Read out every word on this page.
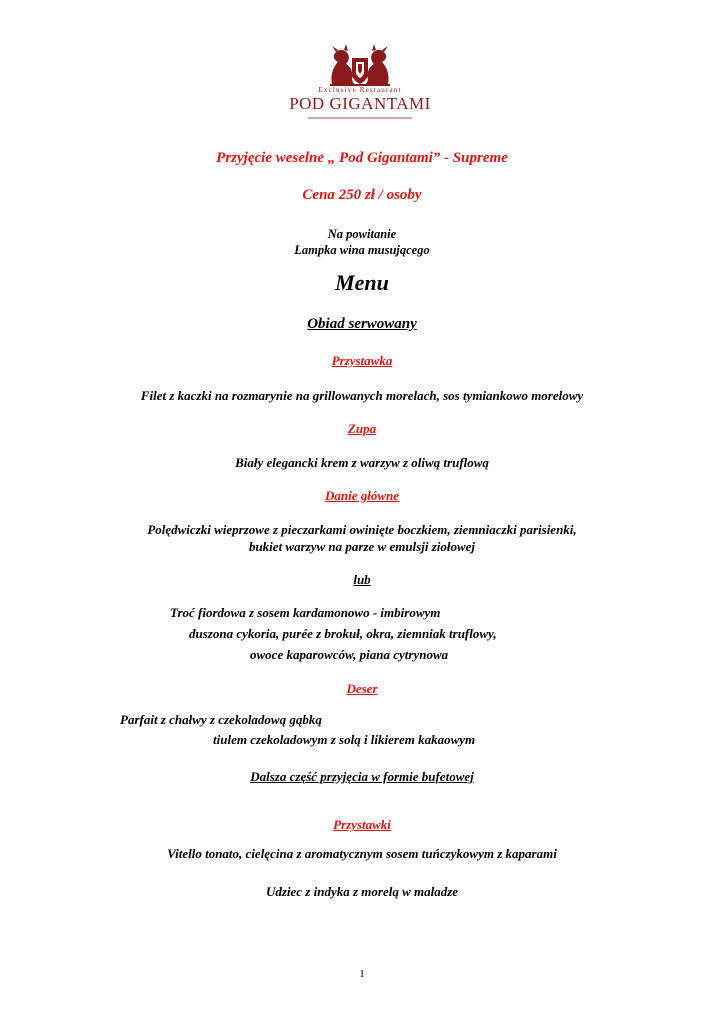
Exclusive Restaurant
POD GIGANTAMI
Przyjęcie weselne „ Pod Gigantami” - Supreme
Cena 250 zł / osoby
Na powitanie
Lampka wina musującego
Menu
Obiad serwowany
Przystawka
Filet z kaczki na rozmarynie na grillowanych morelach, sos tymiankowo morelowy
Zupa
Biały elegancki krem z warzyw z oliwą truflową
Danie główne
Polędwiczki wieprzowe z pieczarkami owinięte boczkiem, ziemniaczki parisienki,
bukiet warzyw na parze w emulsji ziołowej
lub
Troć fiordowa z sosem kardamonowo - imbirowym
duszona cykoria, purée z brokuł, okra, ziemniak truflowy,
owoce kaparowców, piana cytrynowa
Deser
Parfait z chałwy z czekoladową gąbką
tiulem czekoladowym z solą i likierem kakaowym
Dalsza część przyjęcia w formie bufetowej
Przystawki
Vitello tonato, cielęcina z aromatycznym sosem tuńczykowym z kaparami
Udziec z indyka z morelą w maladze
1
